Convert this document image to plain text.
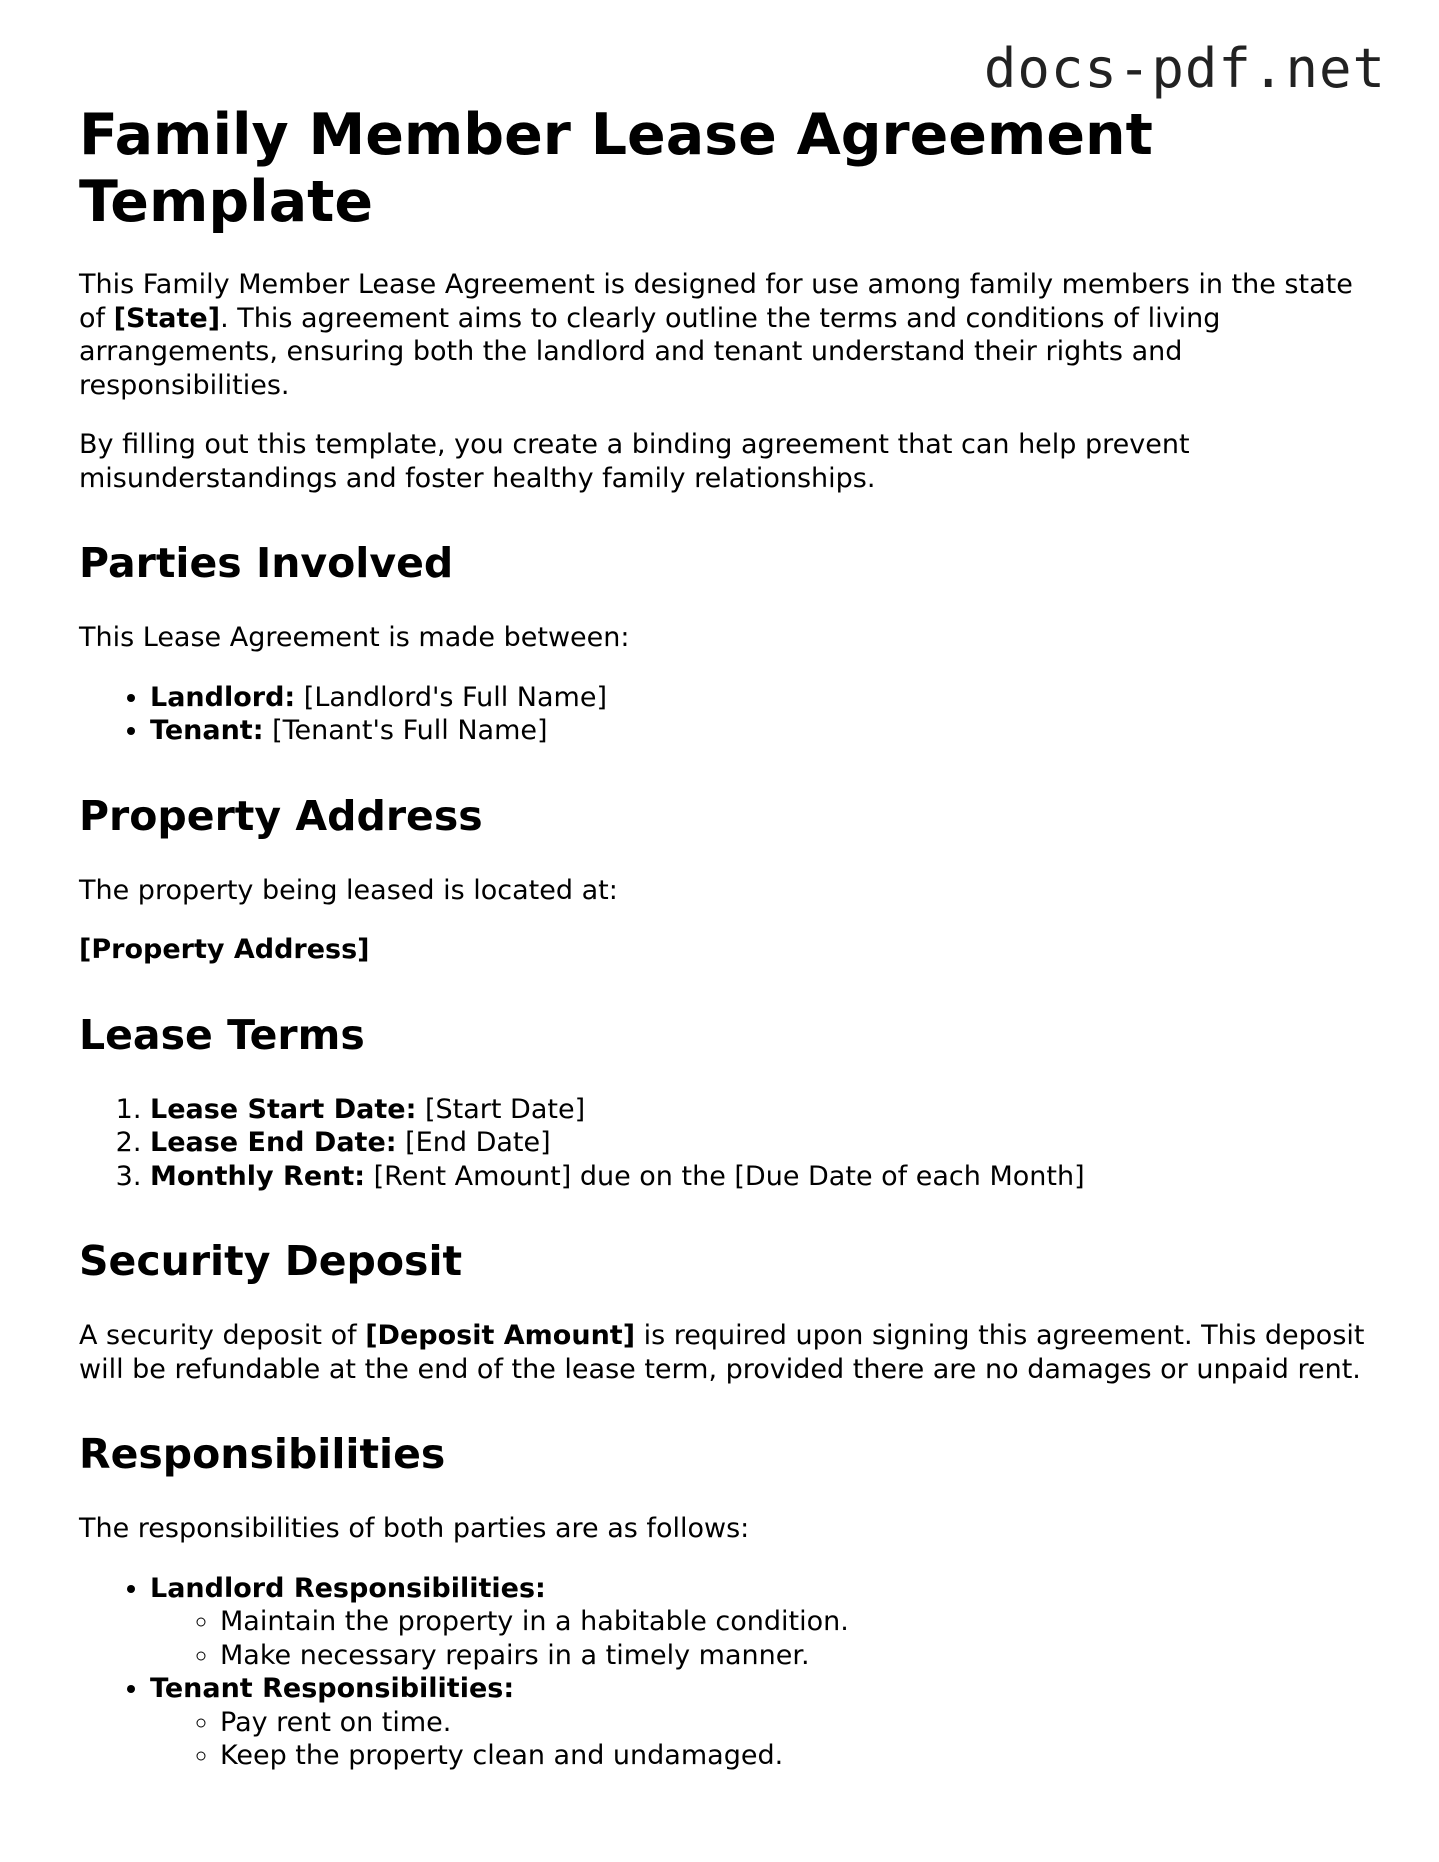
docs-pdf.net
Family Member Lease Agreement Template

This Family Member Lease Agreement is designed for use among family members in the state of [State]. This agreement aims to clearly outline the terms and conditions of living arrangements, ensuring both the landlord and tenant understand their rights and responsibilities.

By filling out this template, you create a binding agreement that can help prevent misunderstandings and foster healthy family relationships.

Parties Involved

This Lease Agreement is made between:

• Landlord: [Landlord's Full Name]
• Tenant: [Tenant's Full Name]
Property Address

The property being leased is located at:

[Property Address]

Lease Terms
1. Lease Start Date: [Start Date]
2. Lease End Date: [End Date]
3. Monthly Rent: [Rent Amount] due on the [Due Date of each Month]
Security Deposit

A security deposit of [Deposit Amount] is required upon signing this agreement. This deposit will be refundable at the end of the lease term, provided there are no damages or unpaid rent.

Responsibilities

The responsibilities of both parties are as follows:

• Landlord Responsibilities:
◦ Maintain the property in a habitable condition.
◦ Make necessary repairs in a timely manner.
• Tenant Responsibilities:
◦ Pay rent on time.
◦ Keep the property clean and undamaged.
